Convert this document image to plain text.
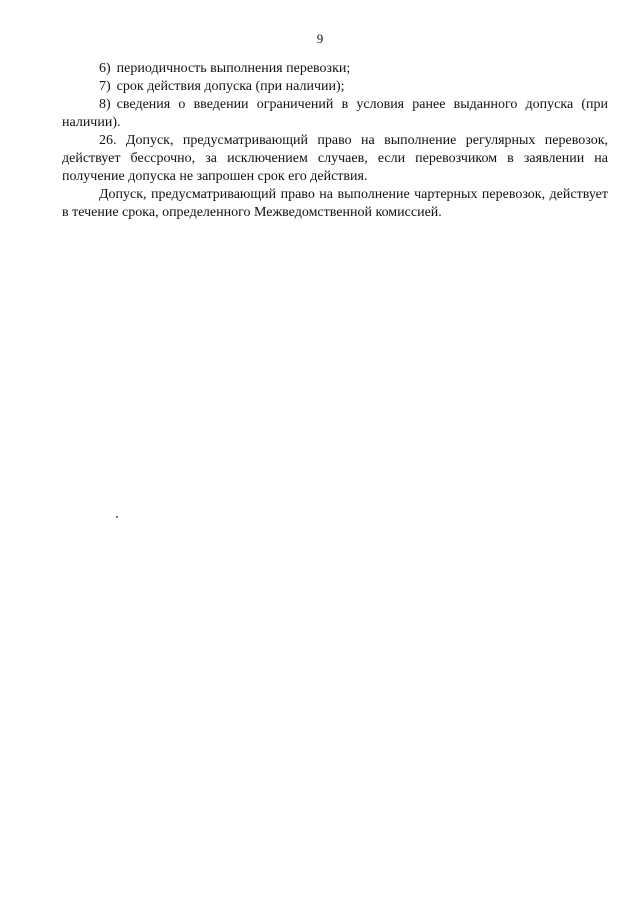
9

6) периодичность выполнения перевозки;

7) срок действия допуска (при наличии);

8) сведения о введении ограничений в условия ранее выданного допуска (при наличии).

26. Допуск, предусматривающий право на выполнение регулярных перевозок, действует бессрочно, за исключением случаев, если перевозчиком в заявлении на получение допуска не запрошен срок его действия.

Допуск, предусматривающий право на выполнение чартерных перевозок, действует в течение срока, определенного Межведомственной комиссией.
